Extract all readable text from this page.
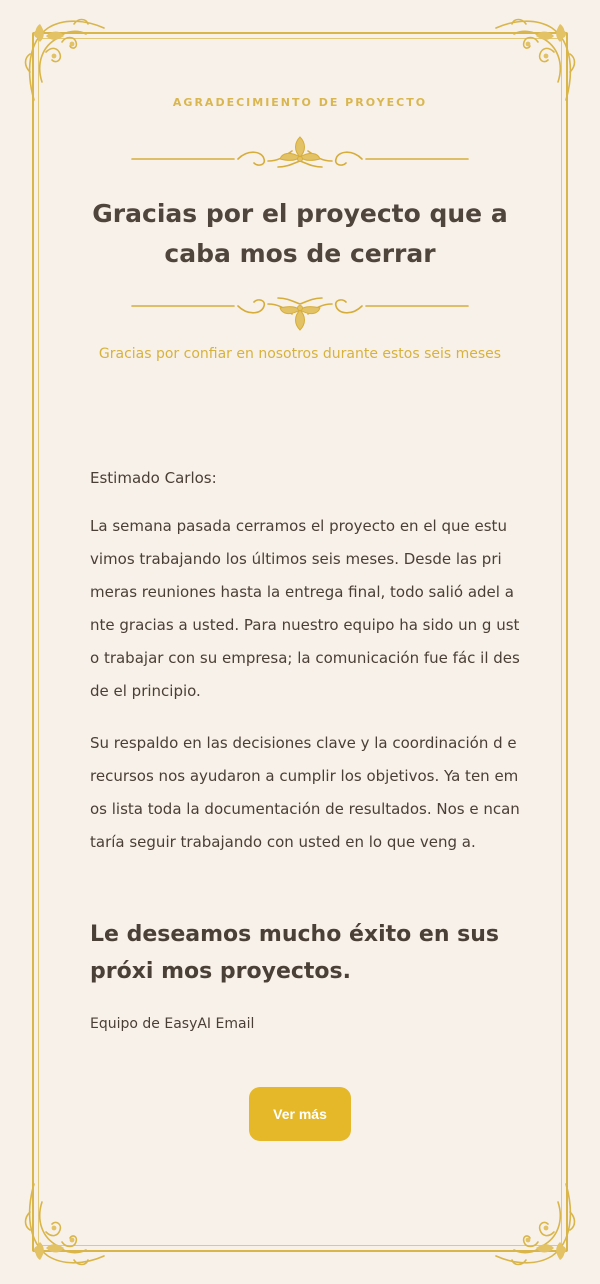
AGRADECIMIENTO DE PROYECTO
Gracias por el proyecto que acaba mos de cerrar
Gracias por confiar en nosotros durante estos seis meses
Estimado Carlos:
La semana pasada cerramos el proyecto en el que estu vimos trabajando los últimos seis meses. Desde las pri meras reuniones hasta la entrega final, todo salió adel ante gracias a usted. Para nuestro equipo ha sido un g usto trabajar con su empresa; la comunicación fue fác il desde el principio.
Su respaldo en las decisiones clave y la coordinación d e recursos nos ayudaron a cumplir los objetivos. Ya ten emos lista toda la documentación de resultados. Nos e ncantaría seguir trabajando con usted en lo que veng a.
Le deseamos mucho éxito en sus próxi mos proyectos.
Equipo de EasyAI Email
Ver más
